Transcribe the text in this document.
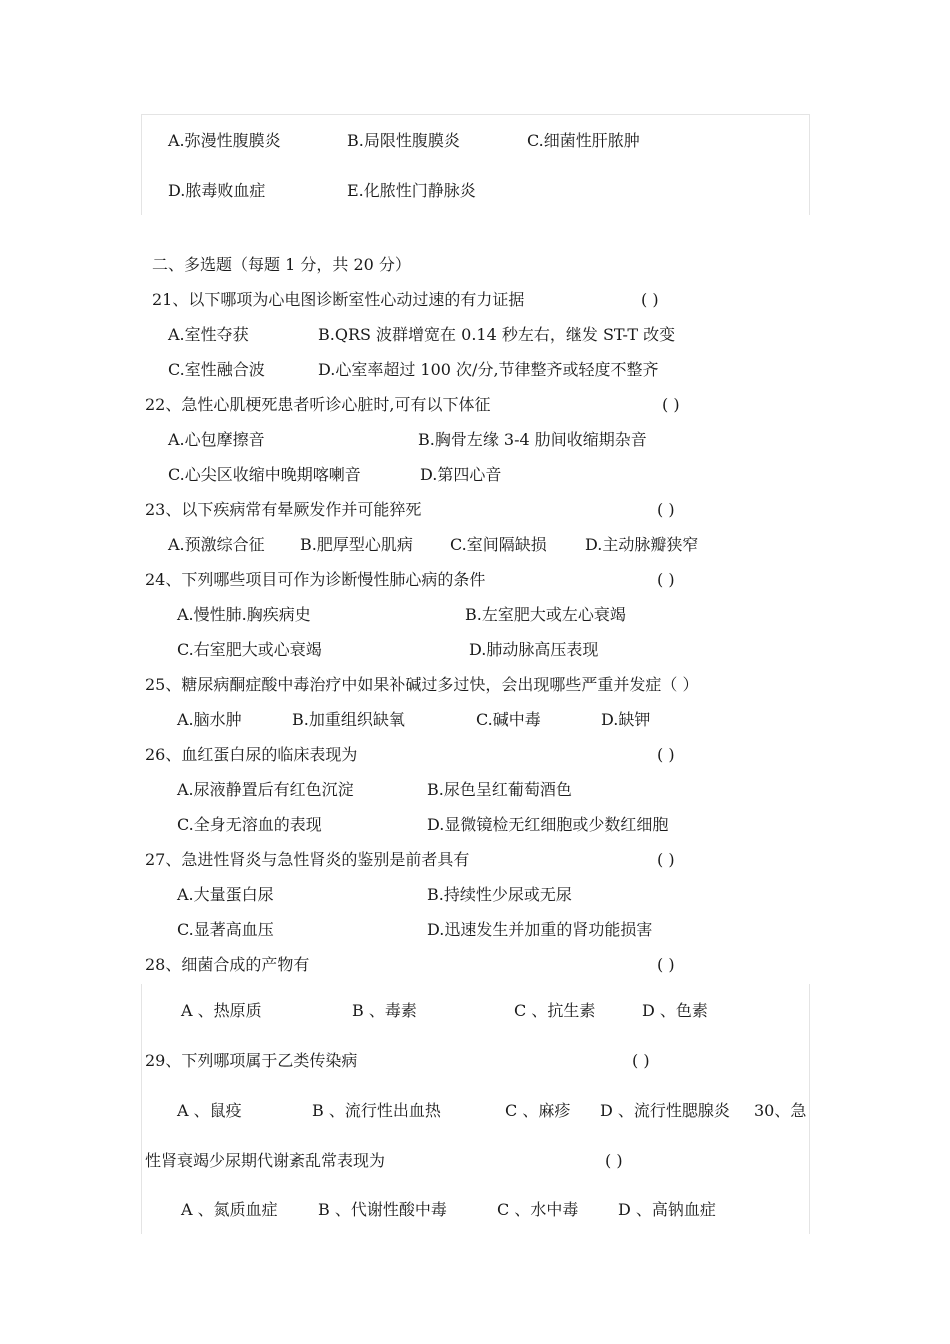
A.弥漫性腹膜炎	B.局限性腹膜炎	C.细菌性肝脓肿
D.脓毒败血症	E.化脓性门静脉炎
二、多选题（每题 1 分，共 20 分）
21、以下哪项为心电图诊断室性心动过速的有力证据	( )
A.室性夺获	B.QRS 波群增宽在 0.14 秒左右，继发 ST-T 改变
C.室性融合波	D.心室率超过 100 次/分,节律整齐或轻度不整齐
22、急性心肌梗死患者听诊心脏时,可有以下体征	( )
A.心包摩擦音	B.胸骨左缘 3-4 肋间收缩期杂音
C.心尖区收缩中晚期喀喇音	D.第四心音
23、以下疾病常有晕厥发作并可能猝死	( )
A.预激综合征 B.肥厚型心肌病 C.室间隔缺损 D.主动脉瓣狭窄
24、下列哪些项目可作为诊断慢性肺心病的条件	( )
A.慢性肺.胸疾病史	B.左室肥大或左心衰竭
C.右室肥大或心衰竭	D.肺动脉高压表现
25、糖尿病酮症酸中毒治疗中如果补碱过多过快，会出现哪些严重并发症（ ）
A.脑水肿	B.加重组织缺氧	C.碱中毒	D.缺钾
26、血红蛋白尿的临床表现为	( )
A.尿液静置后有红色沉淀	B.尿色呈红葡萄酒色
C.全身无溶血的表现	D.显微镜检无红细胞或少数红细胞
27、急进性肾炎与急性肾炎的鉴别是前者具有	( )
A.大量蛋白尿	B.持续性少尿或无尿
C.显著高血压	D.迅速发生并加重的肾功能损害
28、细菌合成的产物有	( )
A 、热原质	B 、毒素	C 、抗生素	D 、色素
29、下列哪项属于乙类传染病	( )
A 、鼠疫	B 、流行性出血热	C 、麻疹 D 、流行性腮腺炎 30、急
性肾衰竭少尿期代谢紊乱常表现为	( )
A 、氮质血症	B 、代谢性酸中毒	C 、水中毒 D 、高钠血症
